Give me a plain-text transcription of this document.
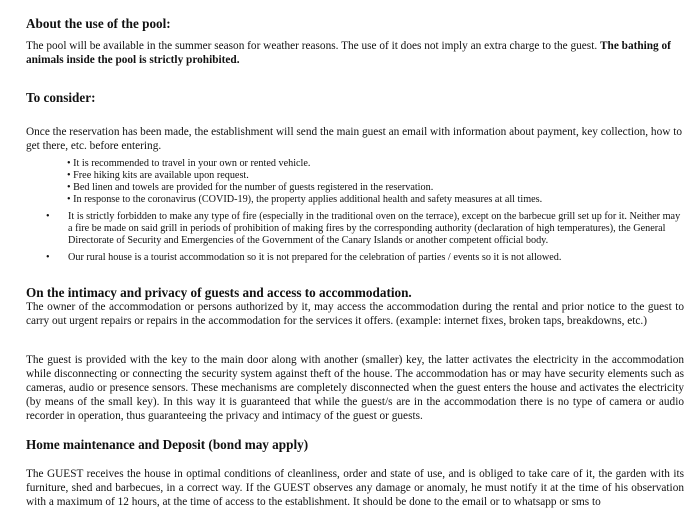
About the use of the pool:

The pool will be available in the summer season for weather reasons. The use of it does not imply an extra charge to the guest. The bathing of animals inside the pool is strictly prohibited.

To consider:

Once the reservation has been made, the establishment will send the main guest an email with information about payment, key collection, how to get there, etc. before entering.

• It is recommended to travel in your own or rented vehicle.
• Free hiking kits are available upon request.
• Bed linen and towels are provided for the number of guests registered in the reservation.
• In response to the coronavirus (COVID-19), the property applies additional health and safety measures at all times.
•	It is strictly forbidden to make any type of fire (especially in the traditional oven on the terrace), except on the barbecue grill set up for it. Neither may a fire be made on said grill in periods of prohibition of making fires by the corresponding authority (declaration of high temperatures), the General Directorate of Security and Emergencies of the Government of the Canary Islands or another competent official body.
•	Our rural house is a tourist accommodation so it is not prepared for the celebration of parties / events so it is not allowed.
On the intimacy and privacy of guests and access to accommodation.

The owner of the accommodation or persons authorized by it, may access the accommodation during the rental and prior notice to the guest to carry out urgent repairs or repairs in the accommodation for the services it offers. (example: internet fixes, broken taps, breakdowns, etc.)

The guest is provided with the key to the main door along with another (smaller) key, the latter activates the electricity in the accommodation while disconnecting or connecting the security system against theft of the house. The accommodation has or may have security elements such as cameras, audio or presence sensors. These mechanisms are completely disconnected when the guest enters the house and activates the electricity (by means of the small key). In this way it is guaranteed that while the guest/s are in the accommodation there is no type of camera or audio recorder in operation, thus guaranteeing the privacy and intimacy of the guest or guests.

Home maintenance and Deposit (bond may apply)

The GUEST receives the house in optimal conditions of cleanliness, order and state of use, and is obliged to take care of it, the garden with its furniture, shed and barbecues, in a correct way. If the GUEST observes any damage or anomaly, he must notify it at the time of his observation with a maximum of 12 hours, at the time of access to the establishment. It should be done to the email or to whatsapp or sms to
